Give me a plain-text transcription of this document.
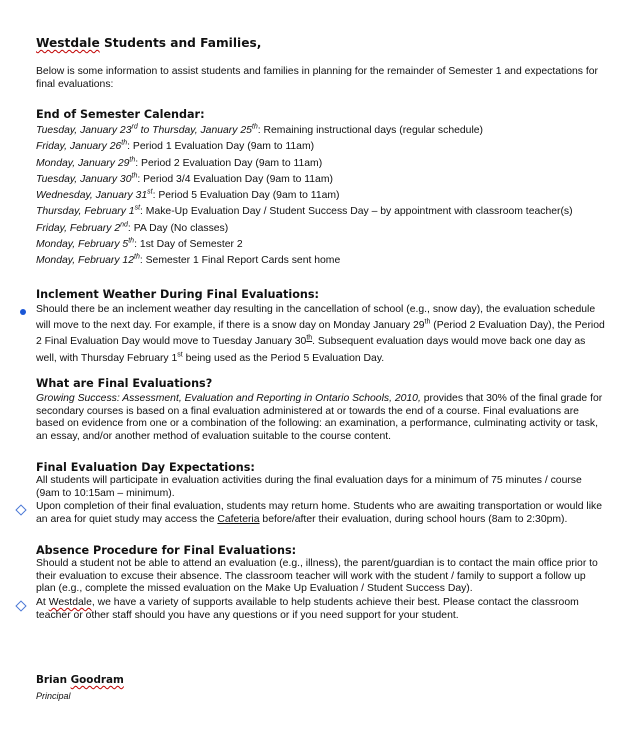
Westdale Students and Families,
Below is some information to assist students and families in planning for the remainder of Semester 1 and expectations for final evaluations:
End of Semester Calendar:
Tuesday, January 23rd to Thursday, January 25th: Remaining instructional days (regular schedule)
Friday, January 26th: Period 1 Evaluation Day (9am to 11am)
Monday, January 29th: Period 2 Evaluation Day (9am to 11am)
Tuesday, January 30th: Period 3/4 Evaluation Day (9am to 11am)
Wednesday, January 31st: Period 5 Evaluation Day (9am to 11am)
Thursday, February 1st: Make-Up Evaluation Day / Student Success Day – by appointment with classroom teacher(s)
Friday, February 2nd: PA Day (No classes)
Monday, February 5th: 1st Day of Semester 2
Monday, February 12th: Semester 1 Final Report Cards sent home
Inclement Weather During Final Evaluations:
Should there be an inclement weather day resulting in the cancellation of school (e.g., snow day), the evaluation schedule will move to the next day. For example, if there is a snow day on Monday January 29th (Period 2 Evaluation Day), the Period 2 Final Evaluation Day would move to Tuesday January 30th. Subsequent evaluation days would move back one day as well, with Thursday February 1st being used as the Period 5 Evaluation Day.
What are Final Evaluations?
Growing Success: Assessment, Evaluation and Reporting in Ontario Schools, 2010, provides that 30% of the final grade for secondary courses is based on a final evaluation administered at or towards the end of a course. Final evaluations are based on evidence from one or a combination of the following: an examination, a performance, culminating activity or task, an essay, and/or another method of evaluation suitable to the course content.
Final Evaluation Day Expectations:
All students will participate in evaluation activities during the final evaluation days for a minimum of 75 minutes / course (9am to 10:15am – minimum).
Upon completion of their final evaluation, students may return home. Students who are awaiting transportation or would like an area for quiet study may access the Cafeteria before/after their evaluation, during school hours (8am to 2:30pm).
Absence Procedure for Final Evaluations:
Should a student not be able to attend an evaluation (e.g., illness), the parent/guardian is to contact the main office prior to their evaluation to excuse their absence. The classroom teacher will work with the student / family to support a follow up plan (e.g., complete the missed evaluation on the Make Up Evaluation / Student Success Day).
At Westdale, we have a variety of supports available to help students achieve their best. Please contact the classroom teacher or other staff should you have any questions or if you need support for your student.
Brian Goodram
Principal
